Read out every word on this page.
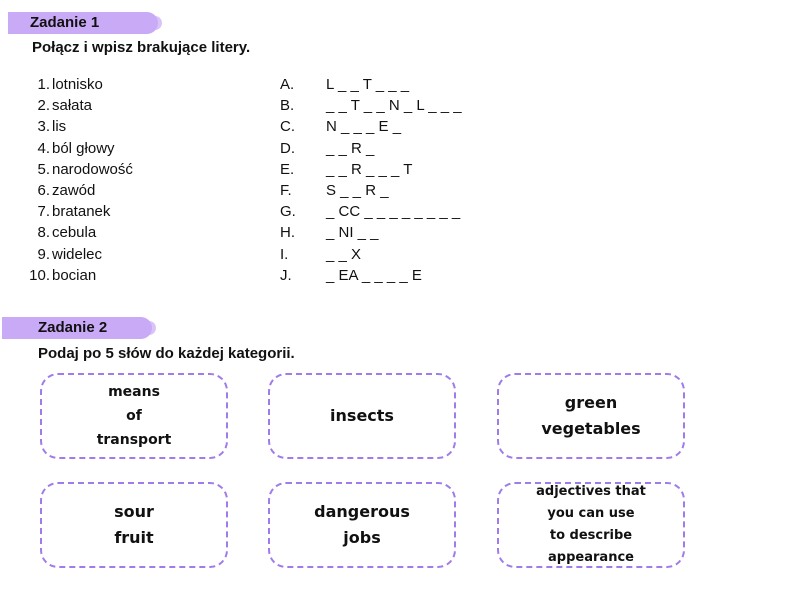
Zadanie 1
Połącz i wpisz brakujące litery.
1. lotnisko
2. sałata
3. lis
4. ból głowy
5. narodowość
6. zawód
7. bratanek
8. cebula
9. widelec
10. bocian
A. L _ _ T _ _ _
B. _ _ T _ _ N _ L _ _ _
C. N _ _ _ E _
D. _ _ R _
E. _ _ R _ _ _ T
F. S _ _ R _
G. _ CC _ _ _ _ _ _ _ _
H. _ NI _ _
I.	_ _ X
J. _ EA _ _ _ _ E
Zadanie 2
Podaj po 5 słów do każdej kategorii.
means
of
transport
insects
green
vegetables
sour
fruit
dangerous
jobs
adjectives that
you can use
to describe
appearance
